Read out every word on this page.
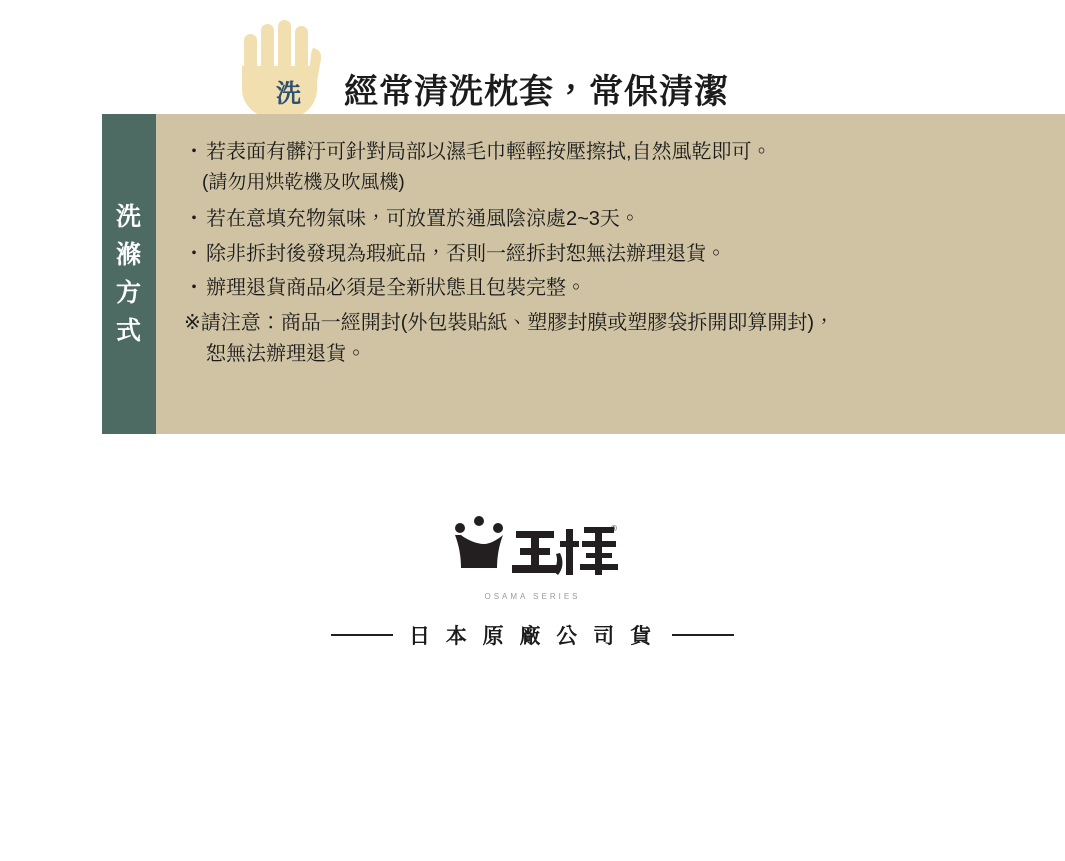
洗 經常清洗枕套，常保清潔
洗
滌
方
式

・若表面有髒汙可針對局部以濕毛巾輕輕按壓擦拭,自然風乾即可。

(請勿用烘乾機及吹風機)

・若在意填充物氣味，可放置於通風陰涼處2~3天。

・除非拆封後發現為瑕疵品，否則一經拆封恕無法辦理退貨。

・辦理退貨商品必須是全新狀態且包裝完整。

※請注意：商品一經開封(外包裝貼紙、塑膠封膜或塑膠袋拆開即算開封)，

恕無法辦理退貨。

®
OSAMA SERIES
日 本 原 廠 公 司 貨
